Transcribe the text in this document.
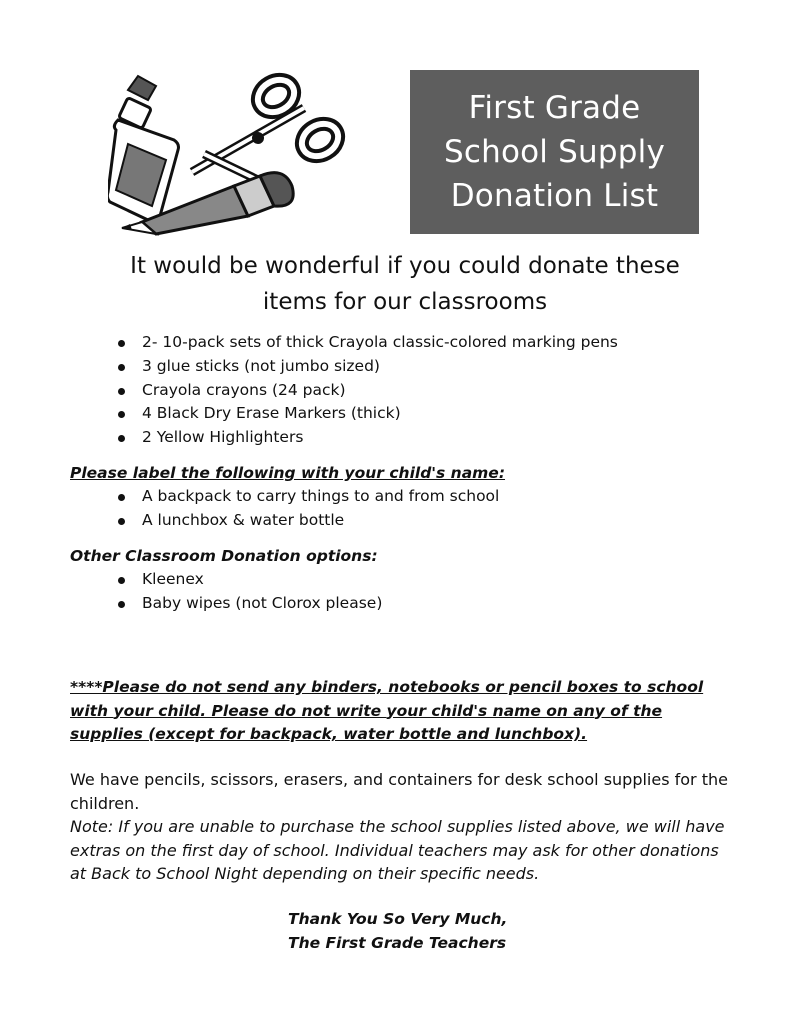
First Grade
School Supply
Donation List
It would be wonderful if you could donate these
items for our classrooms
2- 10-pack sets of thick Crayola classic-colored marking pens
3 glue sticks (not jumbo sized)
Crayola crayons (24 pack)
4 Black Dry Erase Markers (thick)
2 Yellow Highlighters
Please label the following with your child's name:
A backpack to carry things to and from school
A lunchbox & water bottle
Other Classroom Donation options:
Kleenex
Baby wipes (not Clorox please)
****Please do not send any binders, notebooks or pencil boxes to school with your child. Please do not write your child's name on any of the supplies (except for backpack, water bottle and lunchbox).
We have pencils, scissors, erasers, and containers for desk school supplies for the children.
Note: If you are unable to purchase the school supplies listed above, we will have extras on the first day of school. Individual teachers may ask for other donations at Back to School Night depending on their specific needs.
Thank You So Very Much,
The First Grade Teachers
